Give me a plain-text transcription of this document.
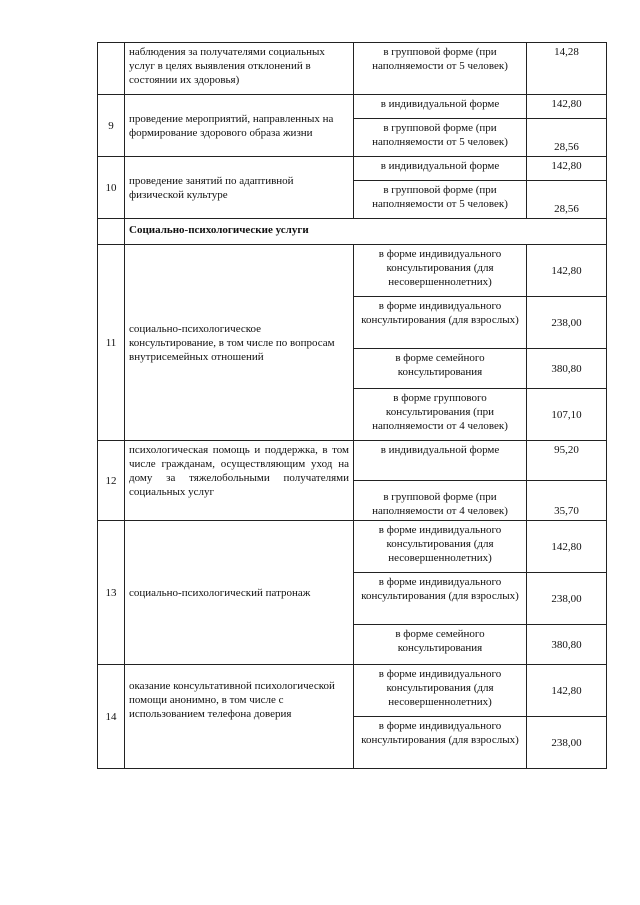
	наблюдения за получателями социальных услуг в целях выявления отклонений в состоянии их здоровья)	в групповой форме (при наполняемости от 5 человек)	14,28
9	проведение мероприятий, направленных на формирование здорового образа жизни	в индивидуальной форме	142,80
		в групповой форме (при наполняемости от 5 человек)	28,56
10	проведение занятий по адаптивной физической культуре	в индивидуальной форме	142,80
		в групповой форме (при наполняемости от 5 человек)	28,56
	Социально-психологические услуги		
11	социально-психологическое консультирование, в том числе по вопросам внутрисемейных отношений	в форме индивидуального консультирования (для несовершеннолетних)	142,80
		в форме индивидуального консультирования (для взрослых)	238,00
		в форме семейного консультирования	380,80
		в форме группового консультирования (при наполняемости от 4 человек)	107,10
12	психологическая помощь и поддержка, в том числе гражданам, осуществляющим уход на дому за тяжелобольными получателями социальных услуг	в индивидуальной форме	95,20
		в групповой форме (при наполняемости от 4 человек)	35,70
13	социально-психологический патронаж	в форме индивидуального консультирования (для несовершеннолетних)	142,80
		в форме индивидуального консультирования (для взрослых)	238,00
		в форме семейного консультирования	380,80
14	оказание консультативной психологической помощи анонимно, в том числе с использованием телефона доверия	в форме индивидуального консультирования (для несовершеннолетних)	142,80
		в форме индивидуального консультирования (для взрослых)	238,00
